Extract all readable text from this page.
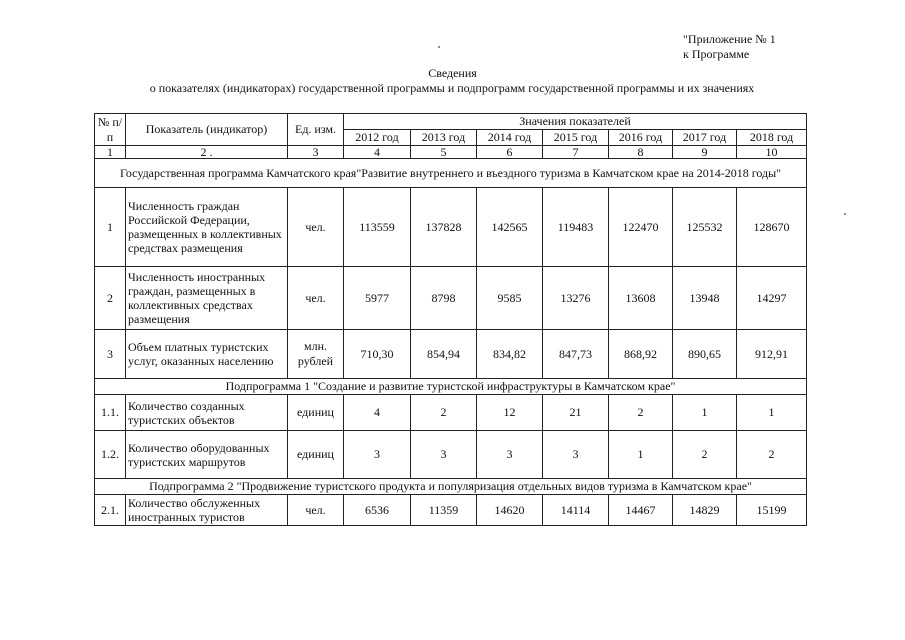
"Приложение № 1
к Программе
Сведения
о показателях (индикаторах) государственной программы и подпрограмм государственной программы и их значениях
№ п/п	Показатель (индикатор)	Ед. изм.	Значения показателей						
			2012 год	2013 год	2014 год	2015 год	2016 год	2017 год	2018 год
1	2 .	3	4	5	6	7	8	9	10
Государственная программа Камчатского края"Развитие внутреннего и въездного туризма в Камчатском крае на 2014-2018 годы"									
1	Численность граждан Российской Федерации, размещенных в коллективных средствах размещения	чел.	113559	137828	142565	119483	122470	125532	128670
2	Численность иностранных граждан, размещенных в коллективных средствах размещения	чел.	5977	8798	9585	13276	13608	13948	14297
3	Объем платных туристских услуг, оказанных населению	млн. рублей	710,30	854,94	834,82	847,73	868,92	890,65	912,91
Подпрограмма 1 "Создание и развитие туристской инфраструктуры в Камчатском крае"									
1.1.	Количество созданных туристских объектов	единиц	4	2	12	21	2	1	1
1.2.	Количество оборудованных туристских маршрутов	единиц	3	3	3	3	1	2	2
Подпрограмма 2 "Продвижение туристского продукта и популяризация отдельных видов туризма в Камчатском крае"									
2.1.	Количество обслуженных иностранных туристов	чел.	6536	11359	14620	14114	14467	14829	15199
